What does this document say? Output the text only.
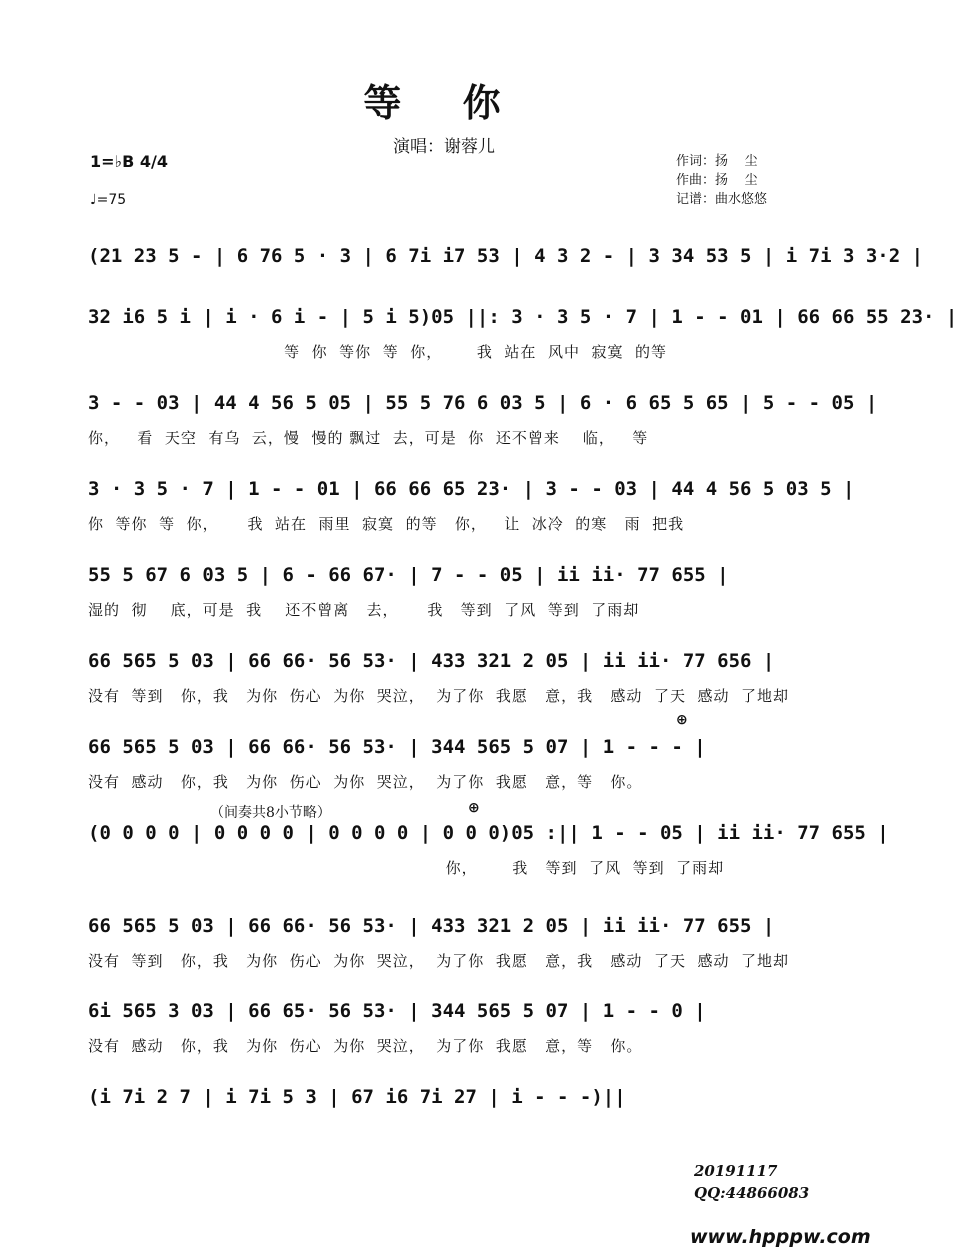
等 你
演唱：谢蓉儿
1=♭B 4/4
♩=75
作词：扬    尘
作曲：扬    尘
记谱：曲水悠悠
(21 23 5 - | 6 76 5 · 3 | 6 7i i7 53 | 4 3 2 - | 3 34 53 5 | i 7i 3 3·2 |
32 i6 5 i | i · 6 i - | 5 i 5)05 ||: 3 · 3 5 · 7 | 1 - - 01 | 66 66 55 23· |
等  你  等你  等  你，      我  站在  风中  寂寞  的等
3 - - 03 | 44 4 56 5 05 | 55 5 76 6 03 5 | 6 · 6 65 5 65 | 5 - - 05 |
你，   看  天空  有乌  云，慢  慢的 飘过  去，可是  你  还不曾来    临，   等
3 · 3 5 · 7 | 1 - - 01 | 66 66 65 23· | 3 - - 03 | 44 4 56 5 03 5 |
你  等你  等  你，     我  站在  雨里  寂寞  的等   你，   让  冰冷  的寒   雨  把我
55 5 67 6 03 5 | 6 - 66 67· | 7 - - 05 | ii ii· 77 655 |
湿的  彻    底，可是  我    还不曾离   去，     我   等到  了风  等到  了雨却
66 565 5 03 | 66 66· 56 53· | 433 321 2 05 | ii ii· 77 656 |
没有  等到   你，我   为你  伤心  为你  哭泣，  为了你  我愿   意，我   感动  了天  感动  了地却
66 565 5 03 | 66 66· 56 53· | 344 565 5 07 | 1 - - - |
没有  感动   你，我   为你  伤心  为你  哭泣，  为了你  我愿   意，等   你。
（间奏共8小节略）
⊕
⊕
(0 0 0 0 | 0 0 0 0 | 0 0 0 0 | 0 0 0)05 :|| 1 - - 05 | ii ii· 77 655 |
你，      我   等到  了风  等到  了雨却
66 565 5 03 | 66 66· 56 53· | 433 321 2 05 | ii ii· 77 655 |
没有  等到   你，我   为你  伤心  为你  哭泣，  为了你  我愿   意，我   感动  了天  感动  了地却
6i 565 3 03 | 66 65· 56 53· | 344 565 5 07 | 1 - - 0 |
没有  感动   你，我   为你  伤心  为你  哭泣，  为了你  我愿   意，等   你。
(i 7i 2 7 | i 7i 5 3 | 67 i6 7i 27 | i - - -)||
20191117
QQ:44866083
www.hpppw.com
